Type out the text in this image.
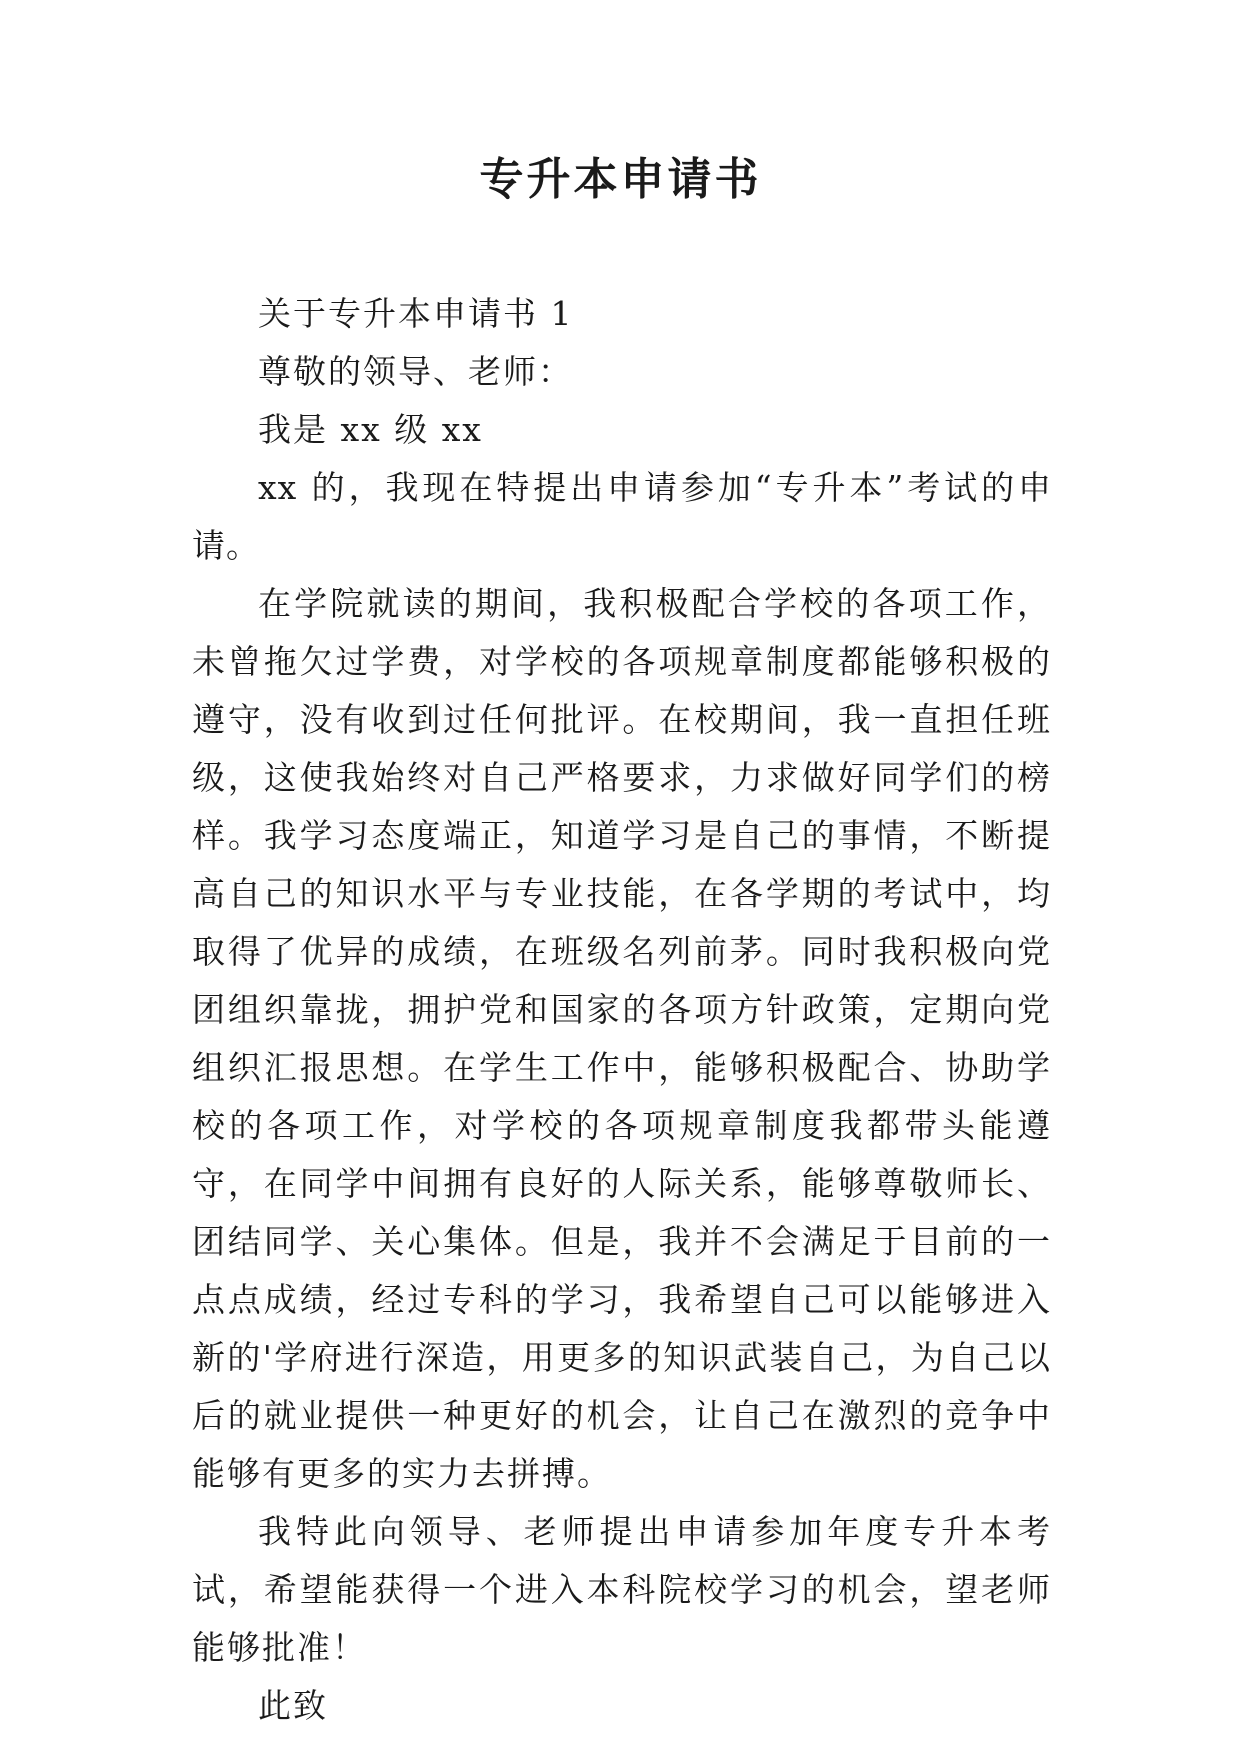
专升本申请书

关于专升本申请书 1

尊敬的领导、老师：

我是 xx 级 xx

xx 的，我现在特提出申请参加“专升本”考试的申请。

在学院就读的期间，我积极配合学校的各项工作，未曾拖欠过学费，对学校的各项规章制度都能够积极的遵守，没有收到过任何批评。在校期间，我一直担任班级，这使我始终对自己严格要求，力求做好同学们的榜样。我学习态度端正，知道学习是自己的事情，不断提高自己的知识水平与专业技能，在各学期的考试中，均取得了优异的成绩，在班级名列前茅。同时我积极向党团组织靠拢，拥护党和国家的各项方针政策，定期向党组织汇报思想。在学生工作中，能够积极配合、协助学校的各项工作，对学校的各项规章制度我都带头能遵守，在同学中间拥有良好的人际关系，能够尊敬师长、团结同学、关心集体。但是，我并不会满足于目前的一点点成绩，经过专科的学习，我希望自己可以能够进入新的'学府进行深造，用更多的知识武装自己，为自己以后的就业提供一种更好的机会，让自己在激烈的竞争中能够有更多的实力去拼搏。

我特此向领导、老师提出申请参加年度专升本考试，希望能获得一个进入本科院校学习的机会，望老师能够批准！

此致
